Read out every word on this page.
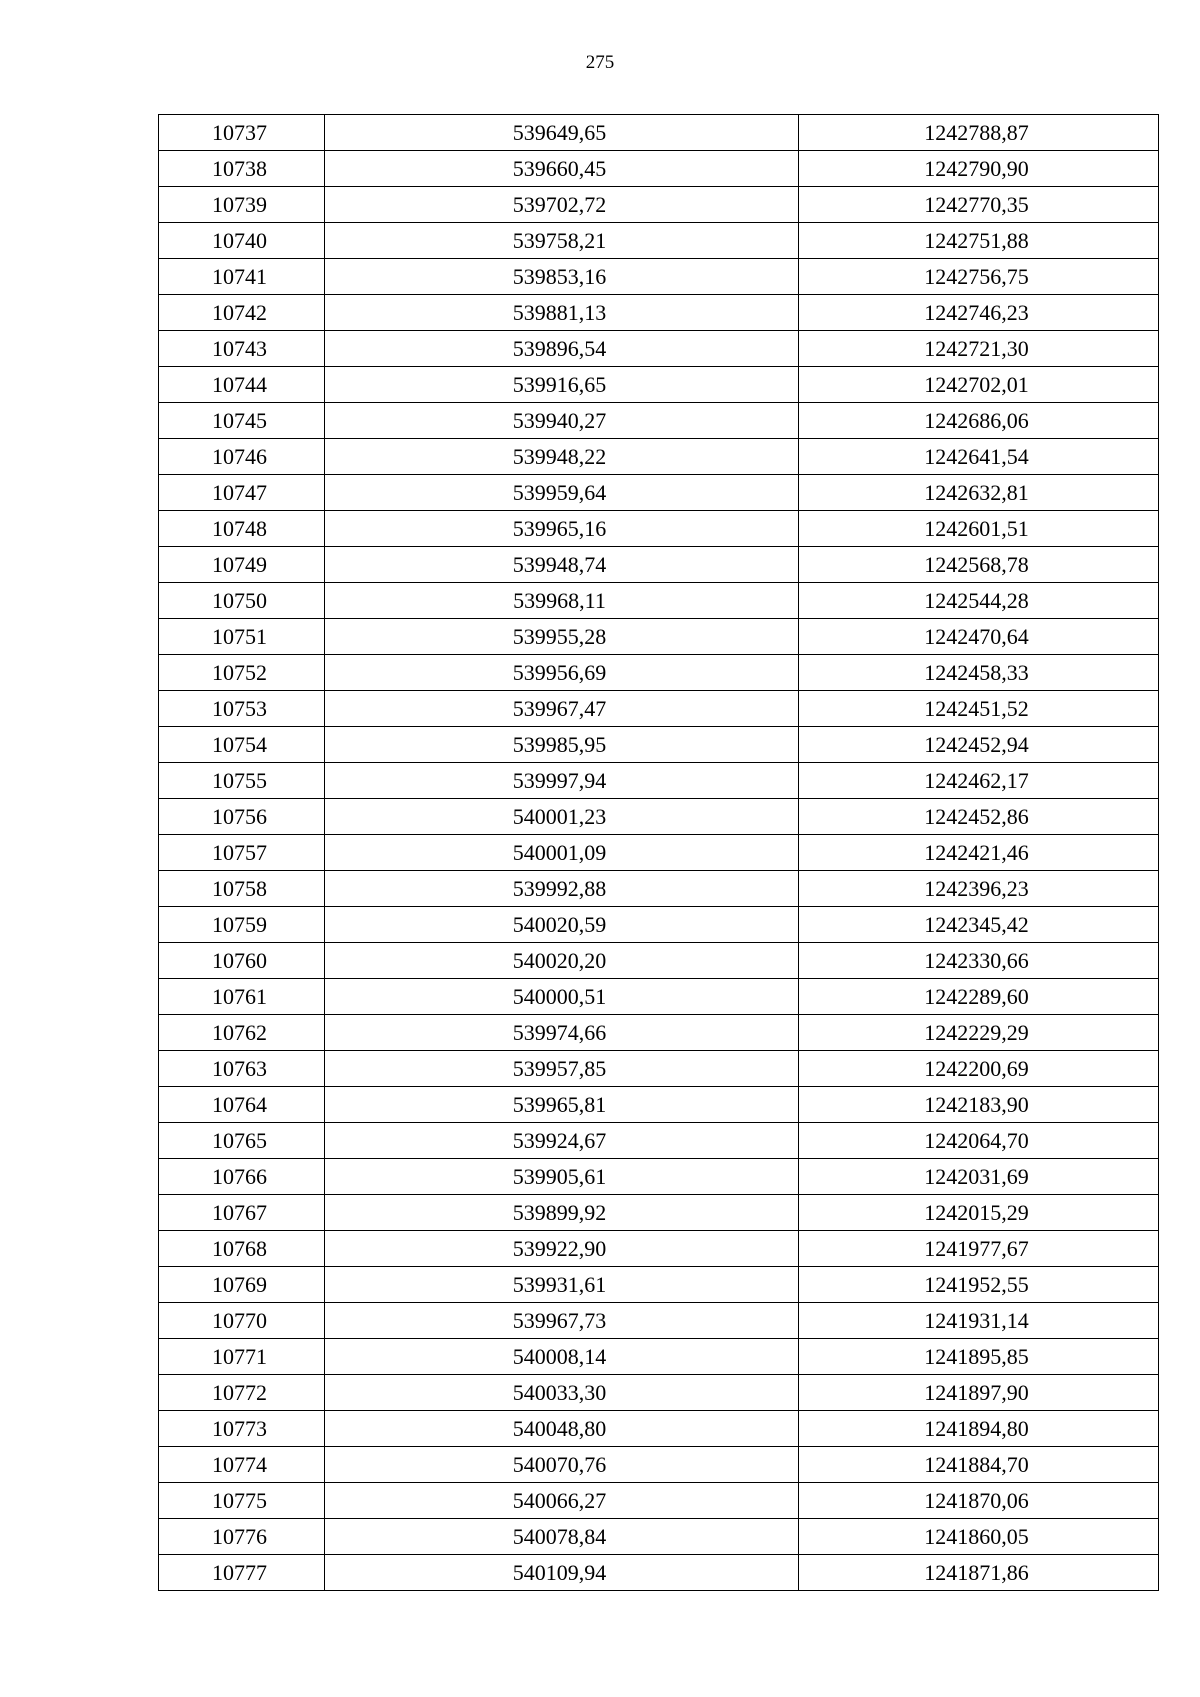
275
10737	539649,65	1242788,87
10738	539660,45	1242790,90
10739	539702,72	1242770,35
10740	539758,21	1242751,88
10741	539853,16	1242756,75
10742	539881,13	1242746,23
10743	539896,54	1242721,30
10744	539916,65	1242702,01
10745	539940,27	1242686,06
10746	539948,22	1242641,54
10747	539959,64	1242632,81
10748	539965,16	1242601,51
10749	539948,74	1242568,78
10750	539968,11	1242544,28
10751	539955,28	1242470,64
10752	539956,69	1242458,33
10753	539967,47	1242451,52
10754	539985,95	1242452,94
10755	539997,94	1242462,17
10756	540001,23	1242452,86
10757	540001,09	1242421,46
10758	539992,88	1242396,23
10759	540020,59	1242345,42
10760	540020,20	1242330,66
10761	540000,51	1242289,60
10762	539974,66	1242229,29
10763	539957,85	1242200,69
10764	539965,81	1242183,90
10765	539924,67	1242064,70
10766	539905,61	1242031,69
10767	539899,92	1242015,29
10768	539922,90	1241977,67
10769	539931,61	1241952,55
10770	539967,73	1241931,14
10771	540008,14	1241895,85
10772	540033,30	1241897,90
10773	540048,80	1241894,80
10774	540070,76	1241884,70
10775	540066,27	1241870,06
10776	540078,84	1241860,05
10777	540109,94	1241871,86
